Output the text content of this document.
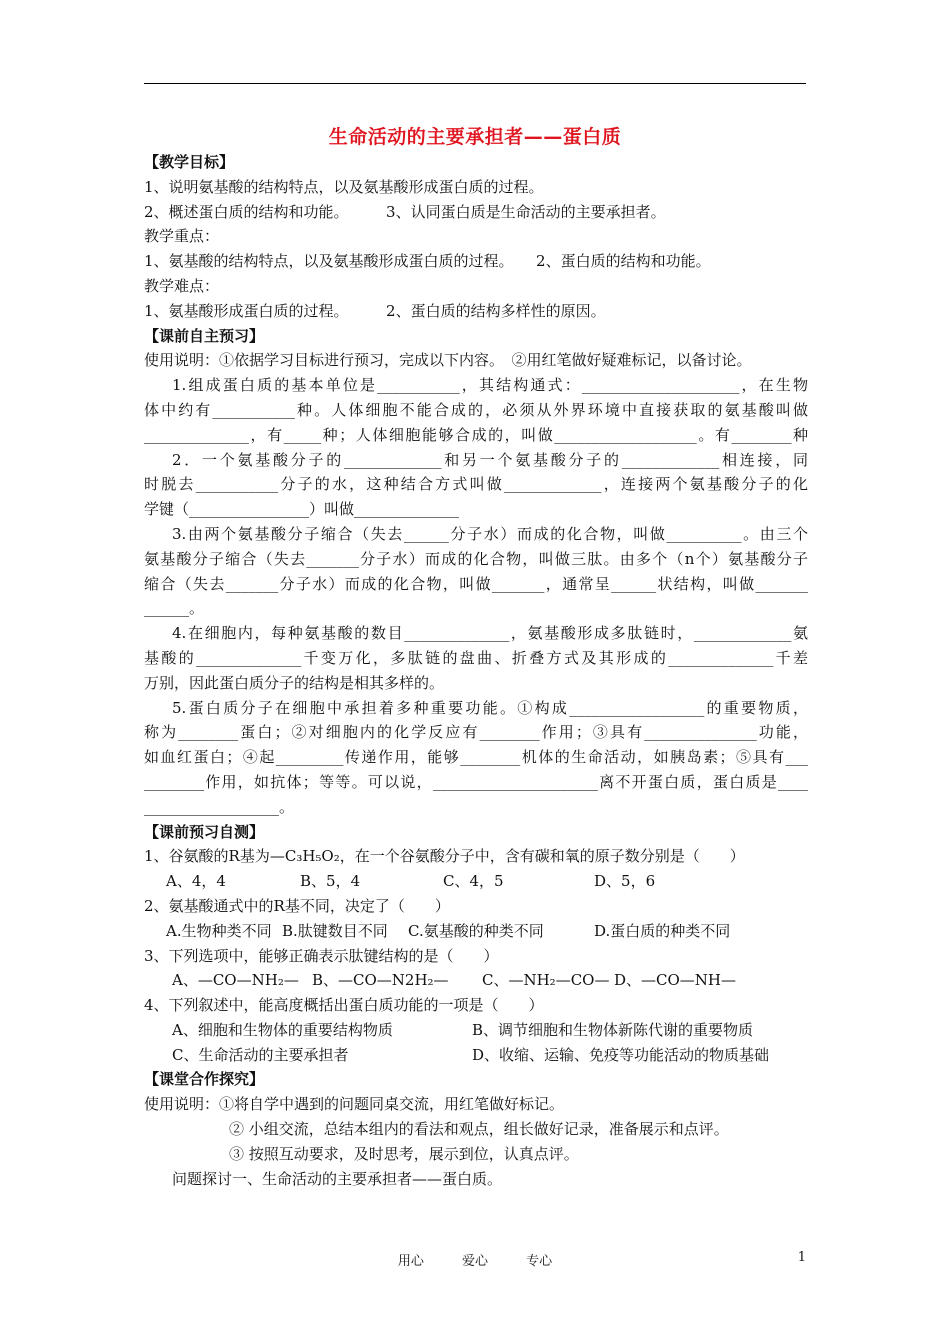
生命活动的主要承担者——蛋白质
【教学目标】
1、说明氨基酸的结构特点，以及氨基酸形成蛋白质的过程。
2、概述蛋白质的结构和功能。　　　3、认同蛋白质是生命活动的主要承担者。
教学重点：
1、氨基酸的结构特点，以及氨基酸形成蛋白质的过程。　　2、蛋白质的结构和功能。
教学难点：
1、氨基酸形成蛋白质的过程。　　　2、蛋白质的结构多样性的原因。
【课前自主预习】
使用说明：①依据学习目标进行预习，完成以下内容。　②用红笔做好疑难标记，以备讨论。
1.组成蛋白质的基本单位是___________，其结构通式：_____________________，在生物
体中约有___________种。人体细胞不能合成的，必须从外界环境中直接获取的氨基酸叫做
______________，有_____种；人体细胞能够合成的，叫做___________________。有________种
2．一个氨基酸分子的_____________和另一个氨基酸分子的_____________相连接，同
时脱去___________分子的水，这种结合方式叫做_____________，连接两个氨基酸分子的化
学键（________________）叫做______________
3.由两个氨基酸分子缩合（失去______分子水）而成的化合物，叫做__________。由三个
氨基酸分子缩合（失去_______分子水）而成的化合物，叫做三肽。由多个（n个）氨基酸分子
缩合（失去_______分子水）而成的化合物，叫做_______，通常呈______状结构，叫做_______
______。
4.在细胞内，每种氨基酸的数目______________，氨基酸形成多肽链时，_____________氨
基酸的______________千变万化，多肽链的盘曲、折叠方式及其形成的______________千差
万别，因此蛋白质分子的结构是相其多样的。
5.蛋白质分子在细胞中承担着多种重要功能。①构成__________________的重要物质，
称为________蛋白；②对细胞内的化学反应有________作用；③具有_______________功能，
如血红蛋白；④起_________传递作用，能够________机体的生命活动，如胰岛素；⑤具有___
________作用，如抗体；等等。可以说，______________________离不开蛋白质，蛋白质是____
__________________。
【课前预习自测】
1、谷氨酸的R基为—C₃H₅O₂，在一个谷氨酸分子中，含有碳和氧的原子数分别是（　　）
A、4，4	B、5，4	C、4，5	D、5，6
2、氨基酸通式中的R基不同，决定了（　　）
A.生物种类不同 B.肽键数目不同	C.氨基酸的种类不同	D.蛋白质的种类不同
3、下列选项中，能够正确表示肽键结构的是（　　）
A、—CO—NH₂— B、—CO—N2H₂—	C、—NH₂—CO— D、—CO—NH—
4、下列叙述中，能高度概括出蛋白质功能的一项是（　　）
A、细胞和生物体的重要结构物质	B、调节细胞和生物体新陈代谢的重要物质
C、生命活动的主要承担者	D、收缩、运输、免疫等功能活动的物质基础
【课堂合作探究】
使用说明：①将自学中遇到的问题同桌交流，用红笔做好标记。
② 小组交流，总结本组内的看法和观点，组长做好记录，准备展示和点评。
③ 按照互动要求，及时思考，展示到位，认真点评。
问题探讨一、生命活动的主要承担者——蛋白质。
用心 爱心 专心	1
